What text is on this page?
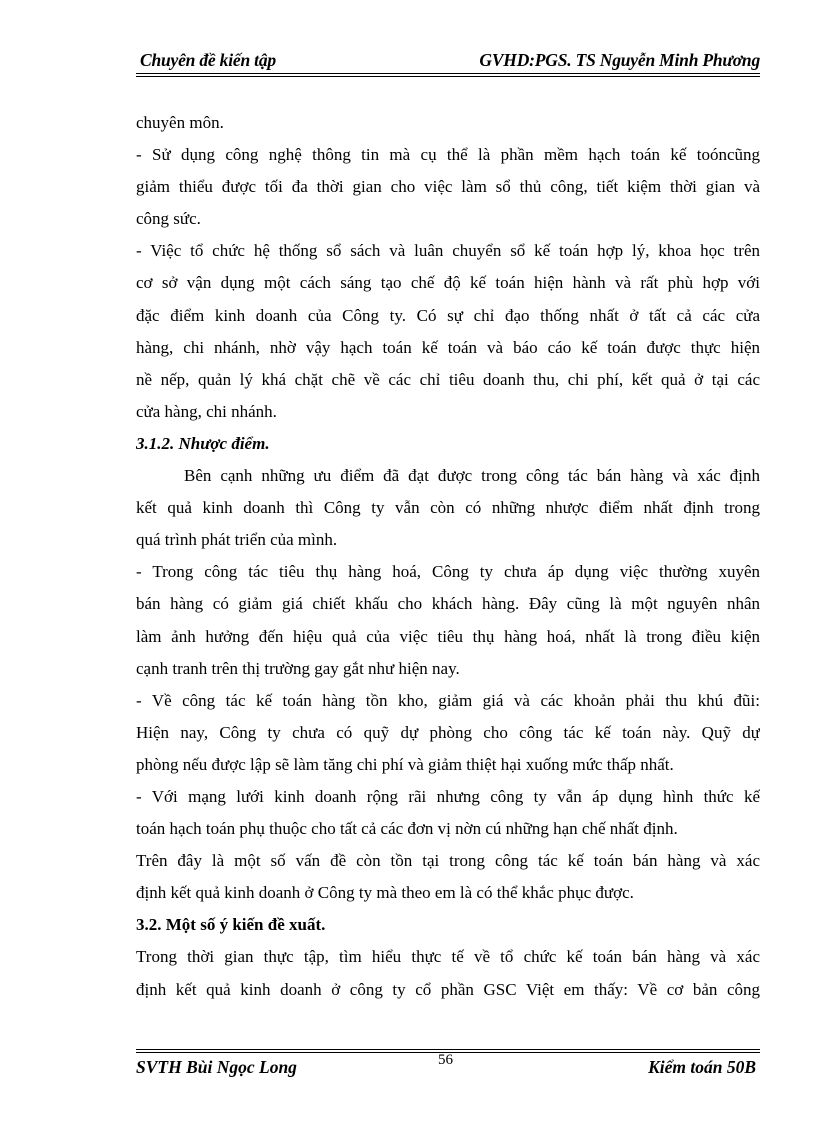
Chuyên đề kiến tập	GVHD:PGS. TS Nguyễn Minh Phương
chuyên môn.
- Sử dụng công nghệ thông tin mà cụ thể là phần mềm hạch toán kế toóncũng
giảm thiểu được tối đa thời gian cho việc làm sổ thủ công, tiết kiệm thời gian và
công sức.
- Việc tổ chức hệ thống sổ sách và luân chuyển sổ kế toán hợp lý, khoa học trên
cơ sở vận dụng một cách sáng tạo chế độ kế toán hiện hành và rất phù hợp với
đặc điểm kinh doanh của Công ty. Có sự chỉ đạo thống nhất ở tất cả các cửa
hàng, chi nhánh, nhờ vậy hạch toán kế toán và báo cáo kế toán được thực hiện
nề nếp, quản lý khá chặt chẽ về các chỉ tiêu doanh thu, chi phí, kết quả ở tại các
cửa hàng, chi nhánh.
3.1.2. Nhược điểm.
Bên cạnh những ưu điểm đã đạt được trong công tác bán hàng và xác định
kết quả kinh doanh thì Công ty vẫn còn có những nhược điểm nhất định trong
quá trình phát triển của mình.
- Trong công tác tiêu thụ hàng hoá, Công ty chưa áp dụng việc thường xuyên
bán hàng có giảm giá chiết khấu cho khách hàng. Đây cũng là một nguyên nhân
làm ảnh hưởng đến hiệu quả của việc tiêu thụ hàng hoá, nhất là trong điều kiện
cạnh tranh trên thị trường gay gắt như hiện nay.
- Về công tác kế toán hàng tồn kho, giảm giá và các khoản phải thu khú đũi:
Hiện nay, Công ty chưa có quỹ dự phòng cho công tác kế toán này. Quỹ dự
phòng nếu được lập sẽ làm tăng chi phí và giảm thiệt hại xuống mức thấp nhất.
- Với mạng lưới kinh doanh rộng rãi nhưng công ty vẫn áp dụng hình thức kế
toán hạch toán phụ thuộc cho tất cả các đơn vị nờn cú những hạn chế nhất định.
Trên đây là một số vấn đề còn tồn tại trong công tác kế toán bán hàng và xác
định kết quả kinh doanh ở Công ty mà theo em là có thể khắc phục được.
3.2. Một số ý kiến đề xuất.
Trong thời gian thực tập, tìm hiểu thực tế về tổ chức kế toán bán hàng và xác
định kết quả kinh doanh ở công ty cổ phần GSC Việt em thấy: Về cơ bản công
SVTH Bùi Ngọc Long	56	Kiểm toán 50B
